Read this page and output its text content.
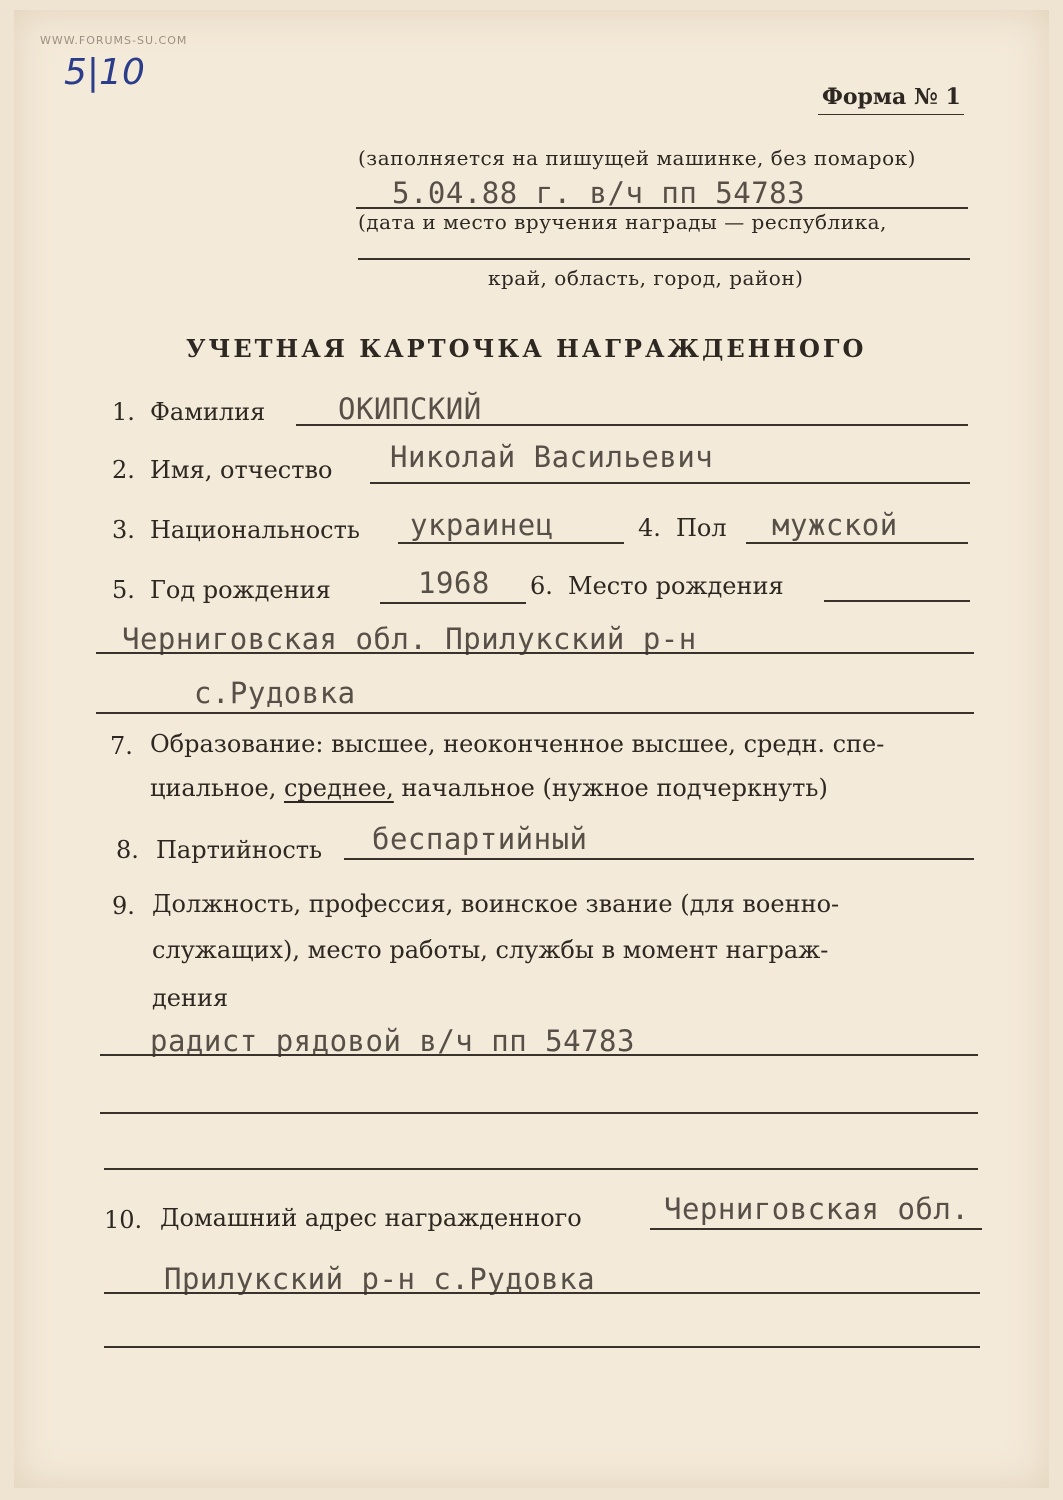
WWW.FORUMS-SU.COM
5|10
Форма № 1
(заполняется на пишущей машинке, без помарок)
5.04.88 г. в/ч пп 54783
(дата и место вручения награды — республика,
край, область, город, район)
УЧЕТНАЯ КАРТОЧКА НАГРАЖДЕННОГО
1. Фамилия	ОКИПСКИЙ
2. Имя, отчество Николай Васильевич
3. Национальность украинец	4. Пол мужской
5. Год рождения	1968 6. Место рождения
Черниговская обл. Прилукский р-н
с.Рудовка
7. Образование: высшее, неоконченное высшее, средн. спе-
циальное, среднее, начальное (нужное подчеркнуть)
8. Партийность беспартийный
9. Должность, профессия, воинское звание (для военно-
служащих), место работы, службы в момент награж-
дения
радист рядовой в/ч пп 54783
10. Домашний адрес награжденного	Черниговская обл.
Прилукский р-н с.Рудовка
